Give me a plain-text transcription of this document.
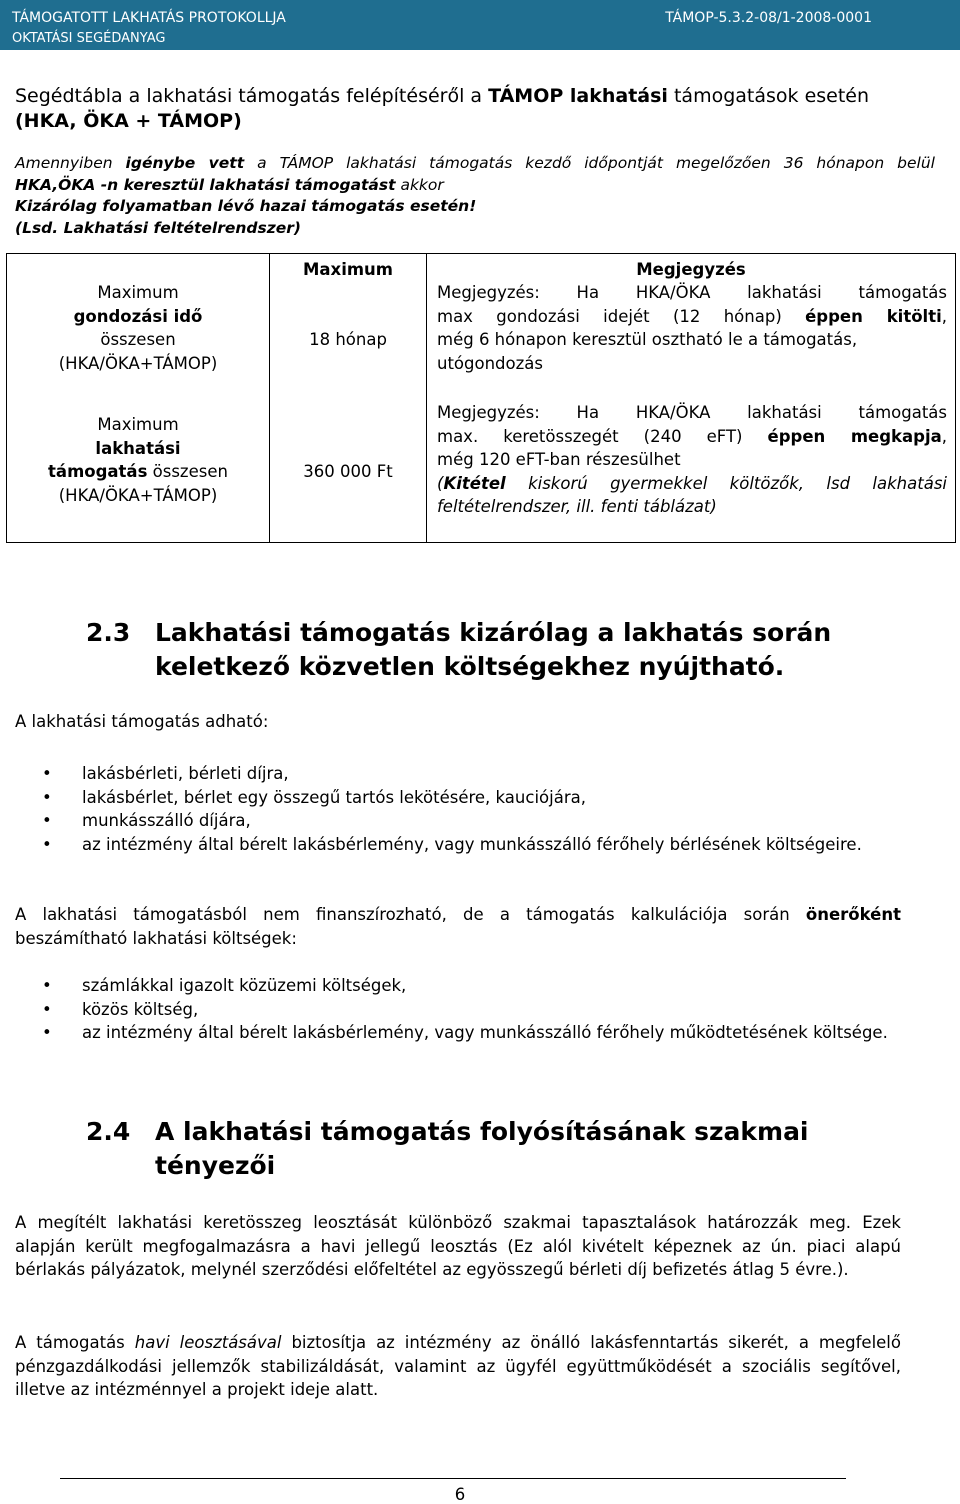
TÁMOGATOTT LAKHATÁS PROTOKOLLJA
OKTATÁSI SEGÉDANYAG
TÁMOP-5.3.2-08/1-2008-0001
Segédtábla a lakhatási támogatás felépítéséről a TÁMOP lakhatási támogatások esetén
(HKA, ÖKA + TÁMOP)
Amennyiben igénybe vett a TÁMOP lakhatási támogatás kezdő időpontját megelőzően 36 hónapon belül
HKA,ÖKA -n keresztül lakhatási támogatást akkor
Kizárólag folyamatban lévő hazai támogatás esetén!
(Lsd. Lakhatási feltételrendszer)
Maximum	Megjegyzés
Maximum
gondozási idő
összesen
(HKA/ÖKA+TÁMOP)
18 hónap
Megjegyzés: Ha HKA/ÖKA lakhatási támogatás
max gondozási idejét (12 hónap) éppen kitölti,
még 6 hónapon keresztül osztható le a támogatás,
utógondozás
Maximum
lakhatási
támogatás összesen
(HKA/ÖKA+TÁMOP)
360 000 Ft
Megjegyzés: Ha HKA/ÖKA lakhatási támogatás
max. keretösszegét (240 eFT) éppen megkapja,
még 120 eFT-ban részesülhet
(Kitétel kiskorú gyermekkel költözők, lsd lakhatási
feltételrendszer, ill. fenti táblázat)
2.3 Lakhatási támogatás kizárólag a lakhatás során
keletkező közvetlen költségekhez nyújtható.
A lakhatási támogatás adható:
• lakásbérleti, bérleti díjra,
• lakásbérlet, bérlet egy összegű tartós lekötésére, kauciójára,
• munkásszálló díjára,
• az intézmény által bérelt lakásbérlemény, vagy munkásszálló férőhely bérlésének költségeire.
A lakhatási támogatásból nem finanszírozható, de a támogatás kalkulációja során önerőként beszámítható lakhatási költségek:
• számlákkal igazolt közüzemi költségek,
• közös költség,
• az intézmény által bérelt lakásbérlemény, vagy munkásszálló férőhely működtetésének költsége.
2.4 A lakhatási támogatás folyósításának szakmai
tényezői
A megítélt lakhatási keretösszeg leosztását különböző szakmai tapasztalások határozzák meg. Ezek alapján került megfogalmazásra a havi jellegű leosztás (Ez alól kivételt képeznek az ún. piaci alapú bérlakás pályázatok, melynél szerződési előfeltétel az egyösszegű bérleti díj befizetés átlag 5 évre.).
A támogatás havi leosztásával biztosítja az intézmény az önálló lakásfenntartás sikerét, a megfelelő pénzgazdálkodási jellemzők stabilizáldását, valamint az ügyfél együttműködését a szociális segítővel, illetve az intézménnyel a projekt ideje alatt.
6
